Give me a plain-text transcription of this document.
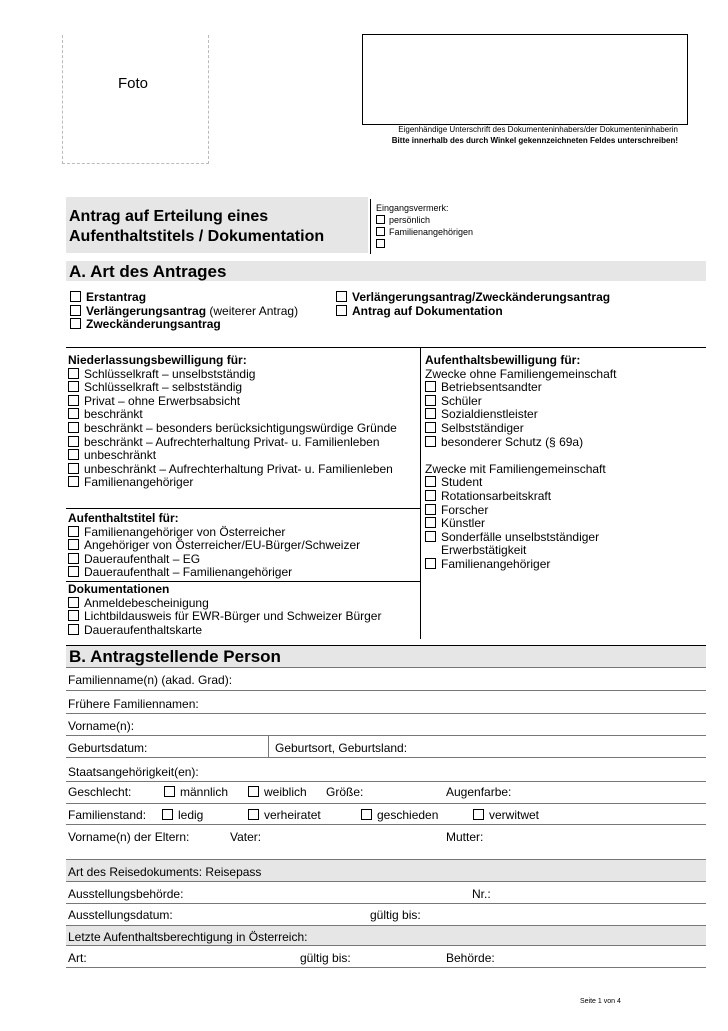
Foto
Eigenhändige Unterschrift des Dokumenteninhabers/der Dokumenteninhaberin
Bitte innerhalb des durch Winkel gekennzeichneten Feldes unterschreiben!
Antrag auf Erteilung eines
Aufenthaltstitels / Dokumentation
Eingangsvermerk:
persönlich
Familienangehörigen
A. Art des Antrages
Erstantrag
Verlängerungsantrag (weiterer Antrag)
Zweckänderungsantrag
Verlängerungsantrag/Zweckänderungsantrag
Antrag auf Dokumentation
Niederlassungsbewilligung für:
Schlüsselkraft – unselbstständig
Schlüsselkraft – selbstständig
Privat – ohne Erwerbsabsicht
beschränkt
beschränkt – besonders berücksichtigungswürdige Gründe
beschränkt – Aufrechterhaltung Privat- u. Familienleben
unbeschränkt
unbeschränkt – Aufrechterhaltung Privat- u. Familienleben
Familienangehöriger
Aufenthaltstitel für:
Familienangehöriger von Österreicher
Angehöriger von Österreicher/EU-Bürger/Schweizer
Daueraufenthalt – EG
Daueraufenthalt – Familienangehöriger
Dokumentationen
Anmeldebescheinigung
Lichtbildausweis für EWR-Bürger und Schweizer Bürger
Daueraufenthaltskarte
Aufenthaltsbewilligung für:
Zwecke ohne Familiengemeinschaft
Betriebsentsandter
Schüler
Sozialdienstleister
Selbstständiger
besonderer Schutz (§ 69a)
Zwecke mit Familiengemeinschaft
Student
Rotationsarbeitskraft
Forscher
Künstler
Sonderfälle unselbstständiger
Erwerbstätigkeit
Familienangehöriger
B. Antragstellende Person
Familienname(n) (akad. Grad):
Frühere Familiennamen:
Vorname(n):
Geburtsdatum:	Geburtsort, Geburtsland:
Staatsangehörigkeit(en):
Geschlecht:	männlich	weiblich Größe:	Augenfarbe:
Familienstand:	ledig	verheiratet	geschieden	verwitwet
Vorname(n) der Eltern:	Vater:	Mutter:
Art des Reisedokuments: Reisepass
Ausstellungsbehörde:	Nr.:
Ausstellungsdatum:	gültig bis:
Letzte Aufenthaltsberechtigung in Österreich:
Art:	gültig bis:	Behörde:
Seite 1 von 4
